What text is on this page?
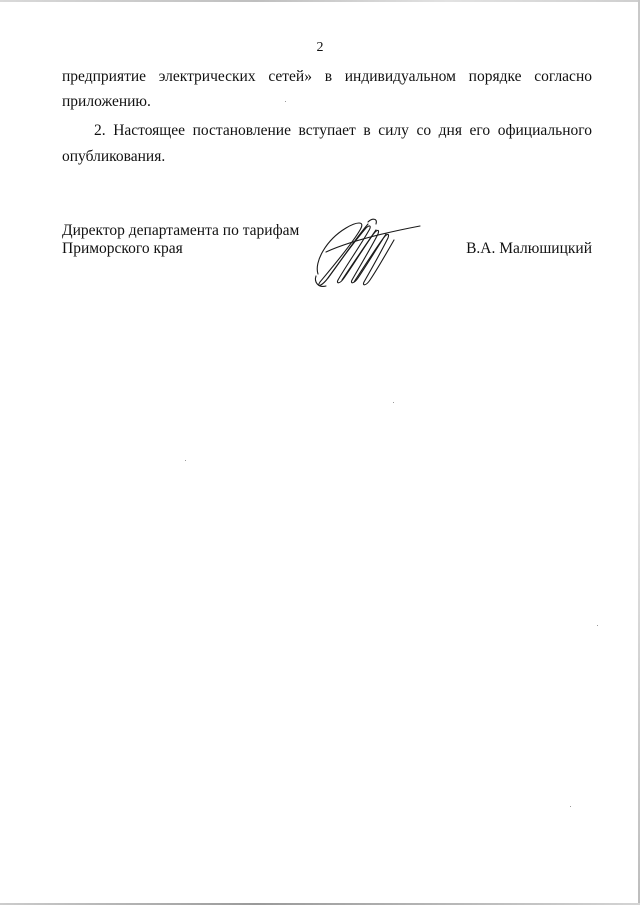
2
предприятие электрических сетей» в индивидуальном порядке согласно
приложению.
2. Настоящее постановление вступает в силу со дня его официального
опубликования.
Директор департамента по тарифам
Приморского края	В.А. Малюшицкий
